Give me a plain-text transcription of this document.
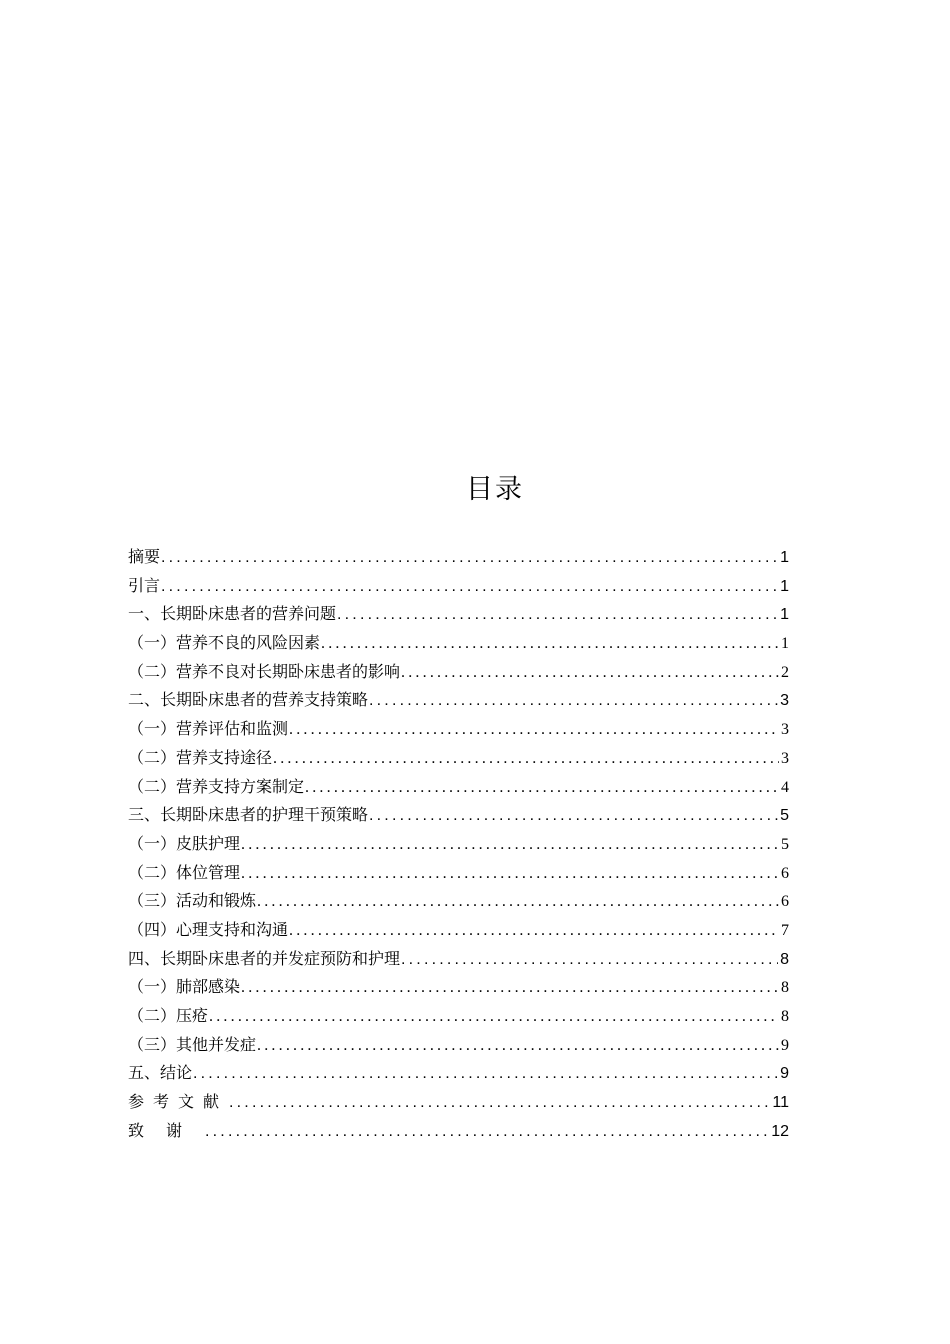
目录
摘要 .....	1
引言 .....	1
一、长期卧床患者的营养问题 .....	1
（一）营养不良的风险因素 .....	1
（二）营养不良对长期卧床患者的影响 .....	2
二、长期卧床患者的营养支持策略 .....	3
（一）营养评估和监测 .....	3
（二）营养支持途径 .....	3
（二）营养支持方案制定 .....	4
三、长期卧床患者的护理干预策略 .....	5
（一）皮肤护理 .....	5
（二）体位管理 .....	6
（三）活动和锻炼 .....	6
（四）心理支持和沟通 .....	7
四、长期卧床患者的并发症预防和护理 .....	8
（一）肺部感染 .....	8
（二）压疮 .....	8
（三）其他并发症 .....	9
五、结论 .....	9
参考文献 .....	11
致谢 .....	12
